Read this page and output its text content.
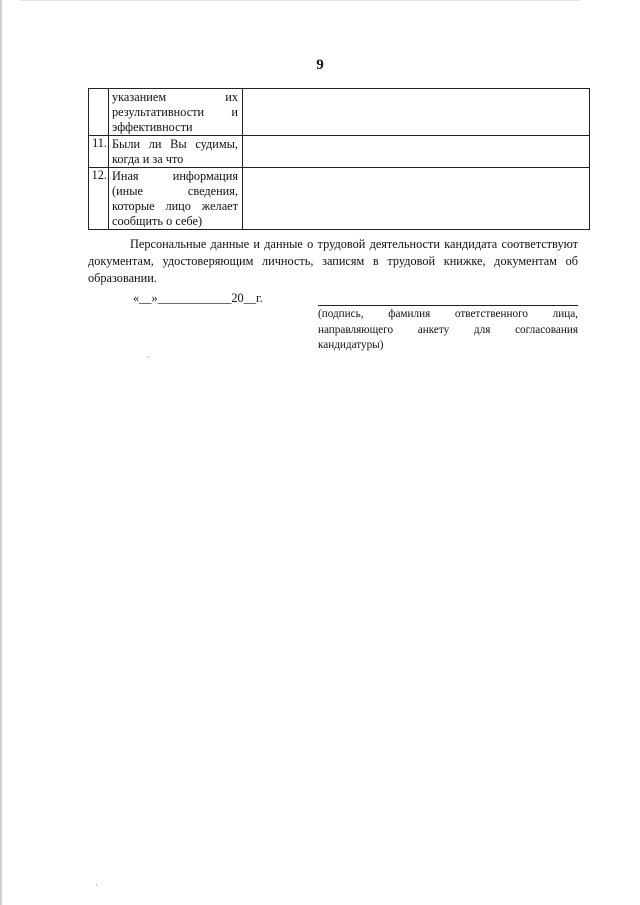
9

	указанием их
результативности и
эффективности	

11.	Были ли Вы судимы,
когда и за что	

12.	Иная информация
(иные сведения,
которые лицо желает
сообщить о себе)	

Персональные данные и данные о трудовой деятельности кандидата соответствуют документам, удостоверяющим личность, записям в трудовой книжке, документам об образовании.
«__»____________20__г.
(подпись, фамилия ответственного лица, направляющего анкету для согласования кандидатуры)
